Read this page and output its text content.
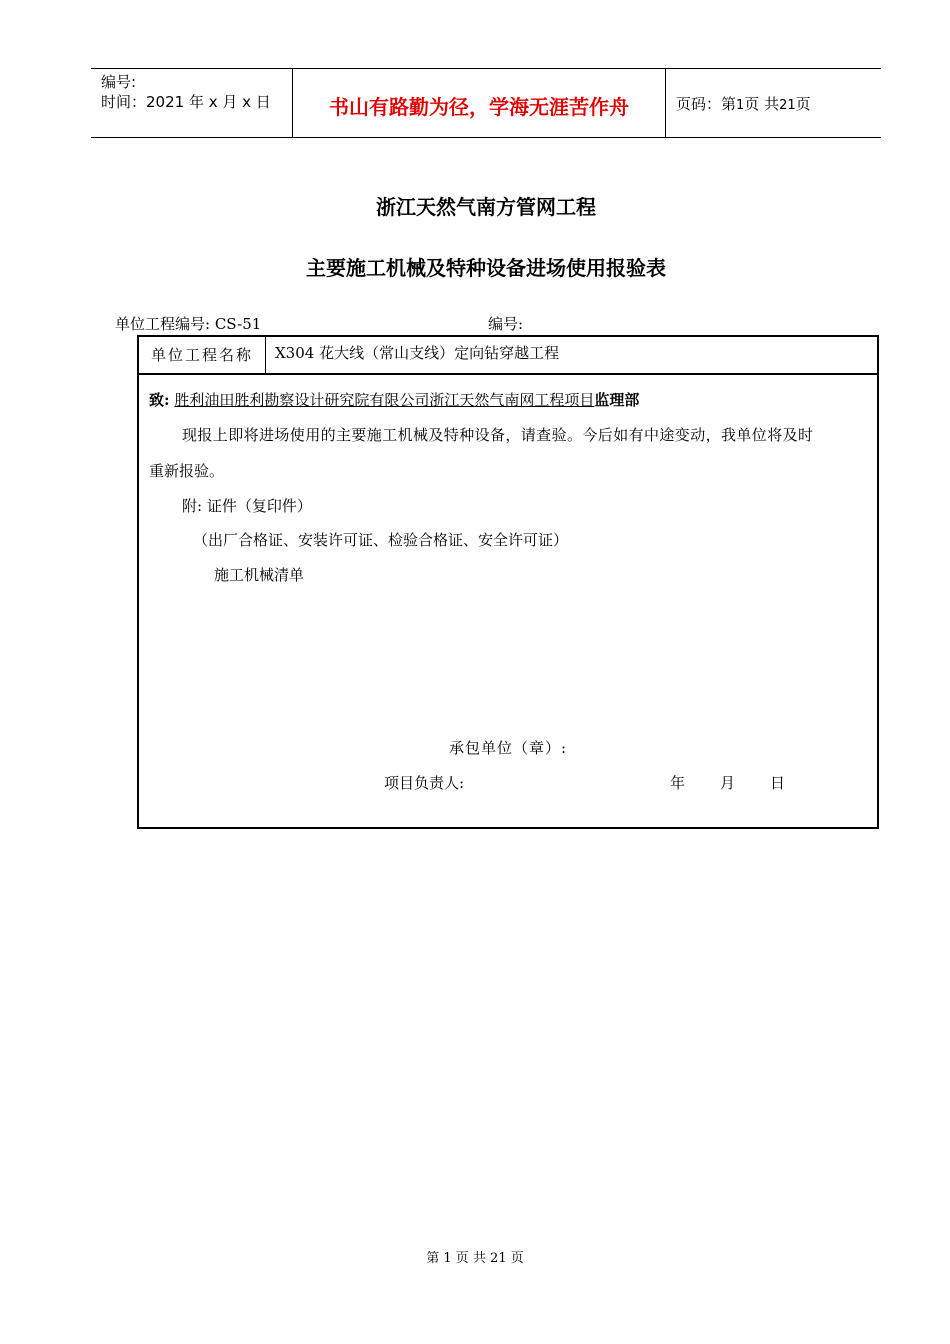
编号:
时间：2021 年 x 月 x 日	书山有路勤为径，学海无涯苦作舟	页码：第1页 共21页
浙江天然气南方管网工程
主要施工机械及特种设备进场使用报验表
单位工程编号: CS-51	编号:
单位工程名称	X304 花大线（常山支线）定向钻穿越工程
致: 胜利油田胜利勘察设计研究院有限公司浙江天然气南网工程项目监理部
现报上即将进场使用的主要施工机械及特种设备，请查验。今后如有中途变动，我单位将及时
重新报验。
附: 证件（复印件）
（出厂合格证、安装许可证、检验合格证、安全许可证）
施工机械清单
承包单位（章）:
项目负责人:	年 月 日
第 1 页 共 21 页
